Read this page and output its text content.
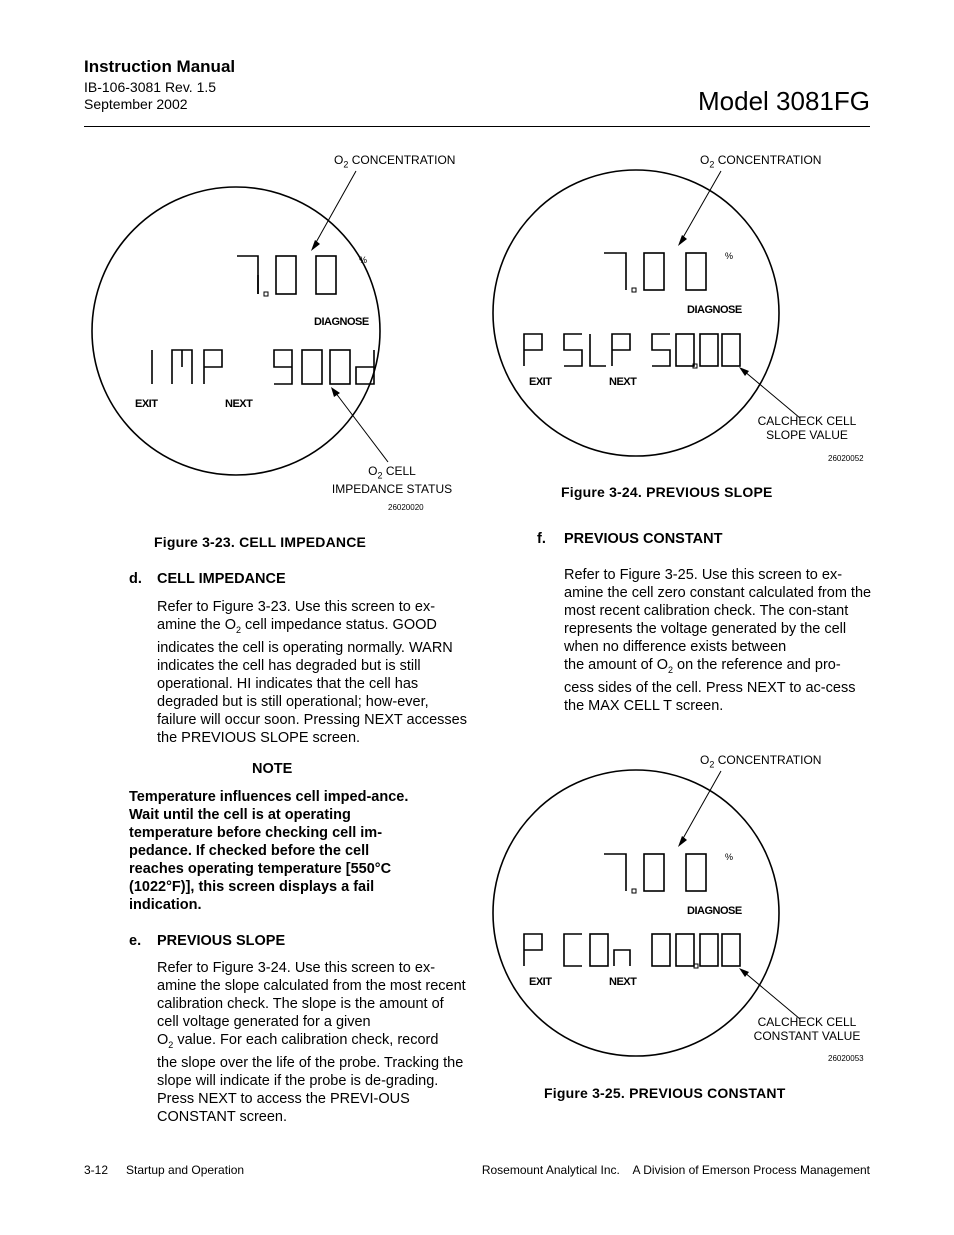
Instruction Manual
IB-106-3081 Rev. 1.5
September 2002	Model 3081FG
$O_2$ CONCENTRATION
%
DIAGNOSE
EXIT	NEXT
$O_2$ CELL
IMPEDANCE STATUS
26020020
Figure 3-23. CELL IMPEDANCE
$O_2$ CONCENTRATION
%
DIAGNOSE
EXIT	NEXT
CALCHECK CELL
SLOPE VALUE
26020052
Figure 3-24. PREVIOUS SLOPE
$O_2$ CONCENTRATION
%
DIAGNOSE
EXIT	NEXT
CALCHECK CELL
CONSTANT VALUE
26020053
Figure 3-25. PREVIOUS CONSTANT
d. CELL IMPEDANCE
Refer to Figure 3-23. Use this screen to ex-
amine the $O_2$ cell impedance status. GOOD
indicates the cell is operating normally. WARN indicates the cell has degraded but is still operational. HI indicates that the cell has degraded but is still operational; how-ever, failure will occur soon. Pressing NEXT accesses the PREVIOUS SLOPE screen.
NOTE
Temperature influences cell imped-ance. Wait until the cell is at operating temperature before checking cell im-pedance. If checked before the cell reaches operating temperature [550°C (1022°F)], this screen displays a fail indication.
e. PREVIOUS SLOPE
Refer to Figure 3-24. Use this screen to ex-amine the slope calculated from the most recent calibration check. The slope is the amount of cell voltage generated for a given
$O_2$ value. For each calibration check, record
the slope over the life of the probe. Tracking the slope will indicate if the probe is de-grading. Press NEXT to access the PREVI-OUS CONSTANT screen.
f. PREVIOUS CONSTANT
Refer to Figure 3-25. Use this screen to ex-amine the cell zero constant calculated from the most recent calibration check. The con-stant represents the voltage generated by the cell when no difference exists between
the amount of $O_2$ on the reference and pro-
cess sides of the cell. Press NEXT to ac-cess the MAX CELL T screen.
3-12 Startup and Operation	Rosemount Analytical Inc.    A Division of Emerson Process Management
